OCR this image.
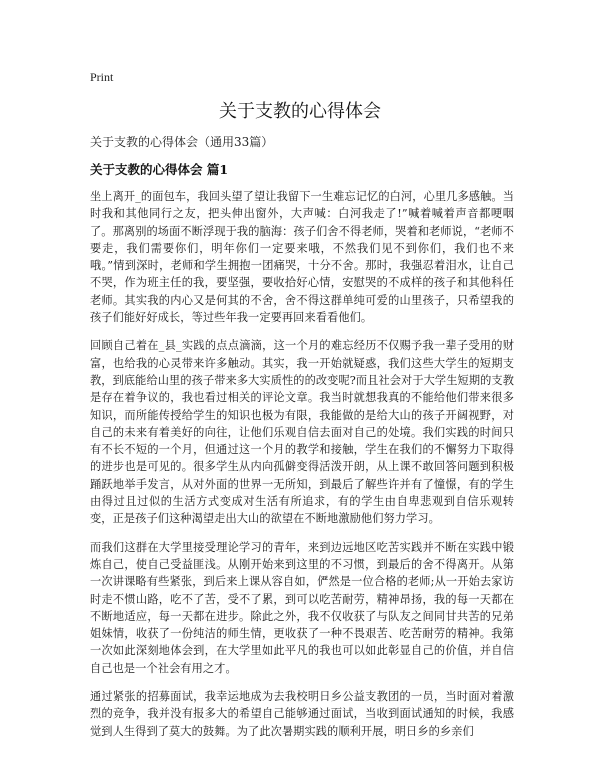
Print
关于支教的心得体会
关于支教的心得体会（通用33篇）
关于支教的心得体会 篇1

坐上离开_的面包车，我回头望了望让我留下一生难忘记忆的白河，心里几多感触。当时我和其他同行之友，把头伸出窗外，大声喊：白河我走了!”喊着喊着声音都哽咽了。那离别的场面不断浮现于我的脑海：孩子们舍不得老师，哭着和老师说，“老师不要走，我们需要你们，明年你们一定要来哦，不然我们见不到你们，我们也不来哦。”情到深时，老师和学生拥抱一团痛哭，十分不舍。那时，我强忍着泪水，让自己不哭，作为班主任的我，要坚强，要收拾好心情，安慰哭的不成样的孩子和其他科任老师。其实我的内心又是何其的不舍，舍不得这群单纯可爱的山里孩子，只希望我的孩子们能好好成长，等过些年我一定要再回来看看他们。

回顾自己着在_县_实践的点点滴滴，这一个月的难忘经历不仅赐予我一辈子受用的财富，也给我的心灵带来许多触动。其实，我一开始就疑惑，我们这些大学生的短期支教，到底能给山里的孩子带来多大实质性的的改变呢?而且社会对于大学生短期的支教是存在着争议的，我也看过相关的评论文章。我当时就想我真的不能给他们带来很多知识，而所能传授给学生的知识也极为有限，我能做的是给大山的孩子开阔视野，对自己的未来有着美好的向往，让他们乐观自信去面对自己的处境。我们实践的时间只有不长不短的一个月，但通过这一个月的教学和接触，学生在我们的不懈努力下取得的进步也是可见的。很多学生从内向孤僻变得活泼开朗，从上课不敢回答问题到积极踊跃地举手发言，从对外面的世界一无所知，到最后了解些许并有了憧憬，有的学生由得过且过似的生活方式变成对生活有所追求，有的学生由自卑悲观到自信乐观转变，正是孩子们这种渴望走出大山的欲望在不断地激励他们努力学习。

而我们这群在大学里接受理论学习的青年，来到边远地区吃苦实践并不断在实践中锻炼自己，使自己受益匪浅。从刚开始来到这里的不习惯，到最后的舍不得离开。从第一次讲课略有些紧张，到后来上课从容自如，俨然是一位合格的老师;从一开始去家访时走不惯山路，吃不了苦，受不了累，到可以吃苦耐劳，精神昂扬，我的每一天都在不断地适应，每一天都在进步。除此之外，我不仅收获了与队友之间同甘共苦的兄弟姐妹情，收获了一份纯洁的师生情，更收获了一种不畏艰苦、吃苦耐劳的精神。我第一次如此深刻地体会到，在大学里如此平凡的我也可以如此彰显自己的价值，并自信自己也是一个社会有用之才。

通过紧张的招募面试，我幸运地成为去我校明日乡公益支教团的一员，当时面对着激烈的竞争，我并没有报多大的希望自己能够通过面试，当收到面试通知的时候，我感觉到人生得到了莫大的鼓舞。为了此次暑期实践的顺利开展，明日乡的乡亲们
